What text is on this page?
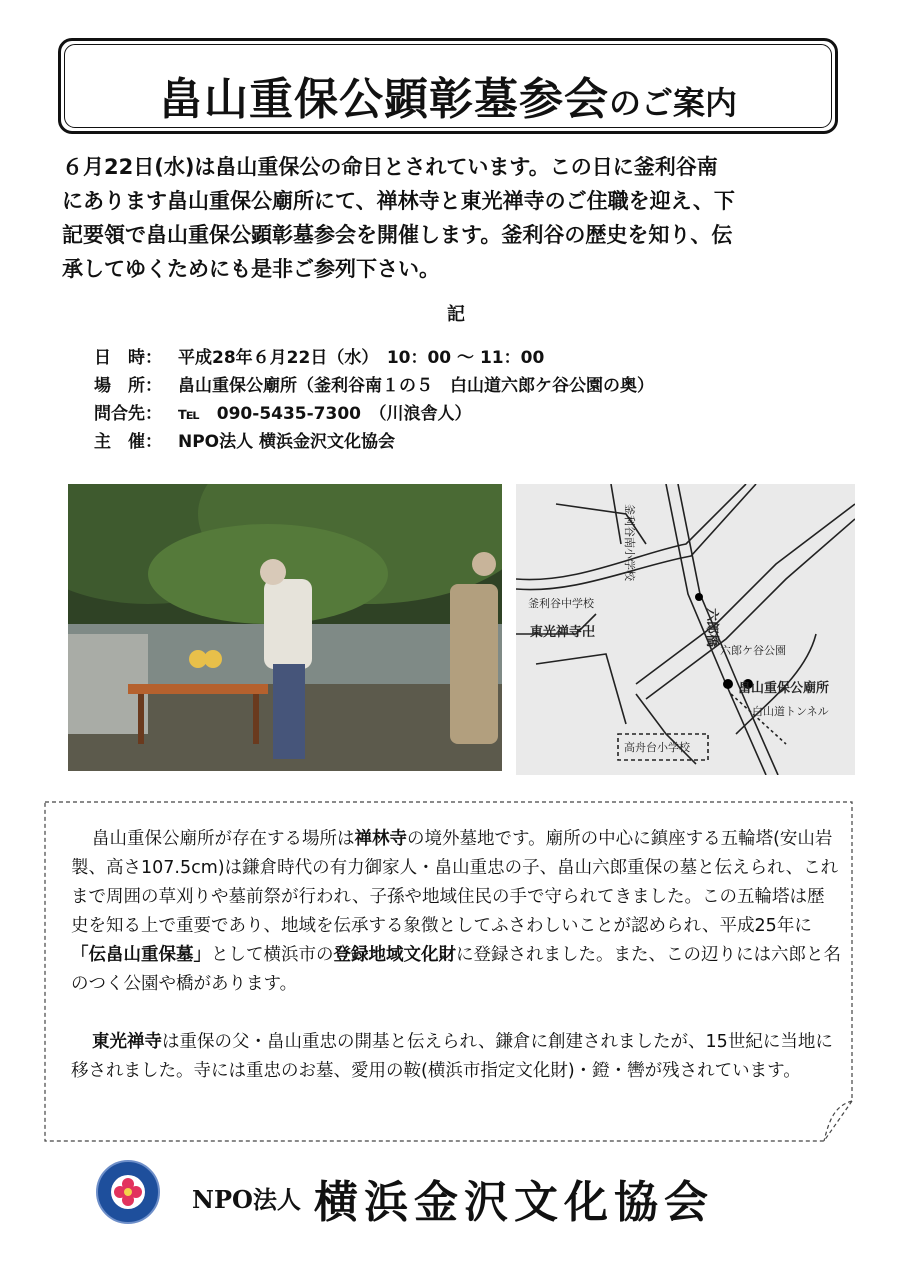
畠山重保公顕彰墓参会のご案内

６月22日(水)は畠山重保公の命日とされています。この日に釜利谷南

にあります畠山重保公廟所にて、禅林寺と東光禅寺のご住職を迎え、下

記要領で畠山重保公顕彰墓参会を開催します。釜利谷の歴史を知り、伝

承してゆくためにも是非ご参列下さい。

記
日　時： 平成28年６月22日（水）　10：00 ～ 11：00
場　所： 畠山重保公廟所（釜利谷南１の５　白山道六郎ケ谷公園の奥）
問合先： ℡　090-5435-7300　（川浪舎人）
主　催： NPO法人 横浜金沢文化協会
釜利谷南小学校
釜利谷中学校
東光禅寺卍	六郎橋
六郎ケ谷公園
畠山重保公廟所
白山道トンネル
高舟台小学校

畠山重保公廟所が存在する場所は禅林寺の境外墓地です。廟所の中心に鎮座する五輪塔(安山岩製、高さ107.5cm)は鎌倉時代の有力御家人・畠山重忠の子、畠山六郎重保の墓と伝えられ、これまで周囲の草刈りや墓前祭が行われ、子孫や地域住民の手で守られてきました。この五輪塔は歴史を知る上で重要であり、地域を伝承する象徴としてふさわしいことが認められ、平成25年に「伝畠山重保墓」として横浜市の登録地域文化財に登録されました。また、この辺りには六郎と名のつく公園や橋があります。

東光禅寺は重保の父・畠山重忠の開基と伝えられ、鎌倉に創建されましたが、15世紀に当地に移されました。寺には重忠のお墓、愛用の鞍(横浜市指定文化財)・鐙・轡が残されています。

NPO法人 横浜金沢文化協会
